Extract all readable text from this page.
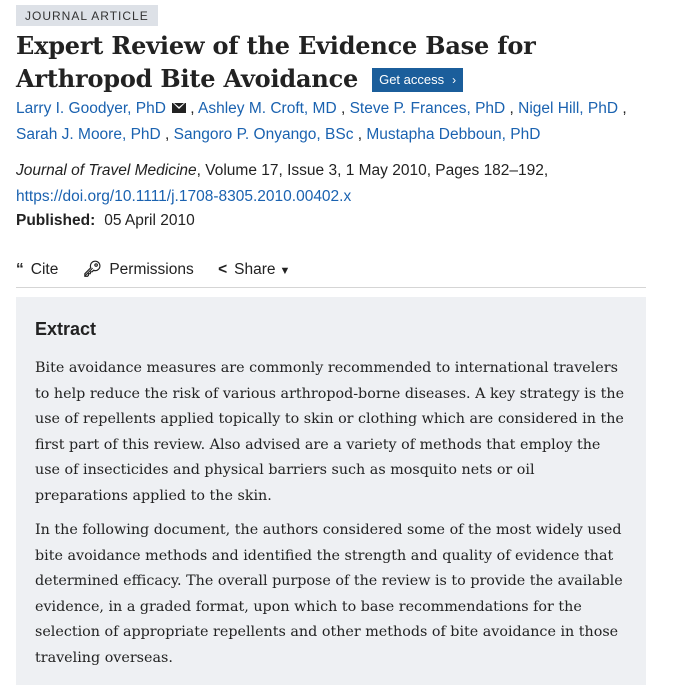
JOURNAL ARTICLE
Expert Review of the Evidence Base for Arthropod Bite Avoidance Get access ›
Larry I. Goodyer, PhD , Ashley M. Croft, MD , Steve P. Frances, PhD , Nigel Hill, PhD ,
Sarah J. Moore, PhD , Sangoro P. Onyango, BSc , Mustapha Debboun, PhD
Journal of Travel Medicine, Volume 17, Issue 3, 1 May 2010, Pages 182–192, https://doi.org/10.1111/j.1708-8305.2010.00402.x
Published: 05 April 2010
“ Cite 🔑︎ Permissions < Share ▼
Extract

Bite avoidance measures are commonly recommended to international travelers to help reduce the risk of various arthropod-borne diseases. A key strategy is the use of repellents applied topically to skin or clothing which are considered in the first part of this review. Also advised are a variety of methods that employ the use of insecticides and physical barriers such as mosquito nets or oil preparations applied to the skin.

In the following document, the authors considered some of the most widely used bite avoidance methods and identified the strength and quality of evidence that determined efficacy. The overall purpose of the review is to provide the available evidence, in a graded format, upon which to base recommendations for the selection of appropriate repellents and other methods of bite avoidance in those traveling overseas.
